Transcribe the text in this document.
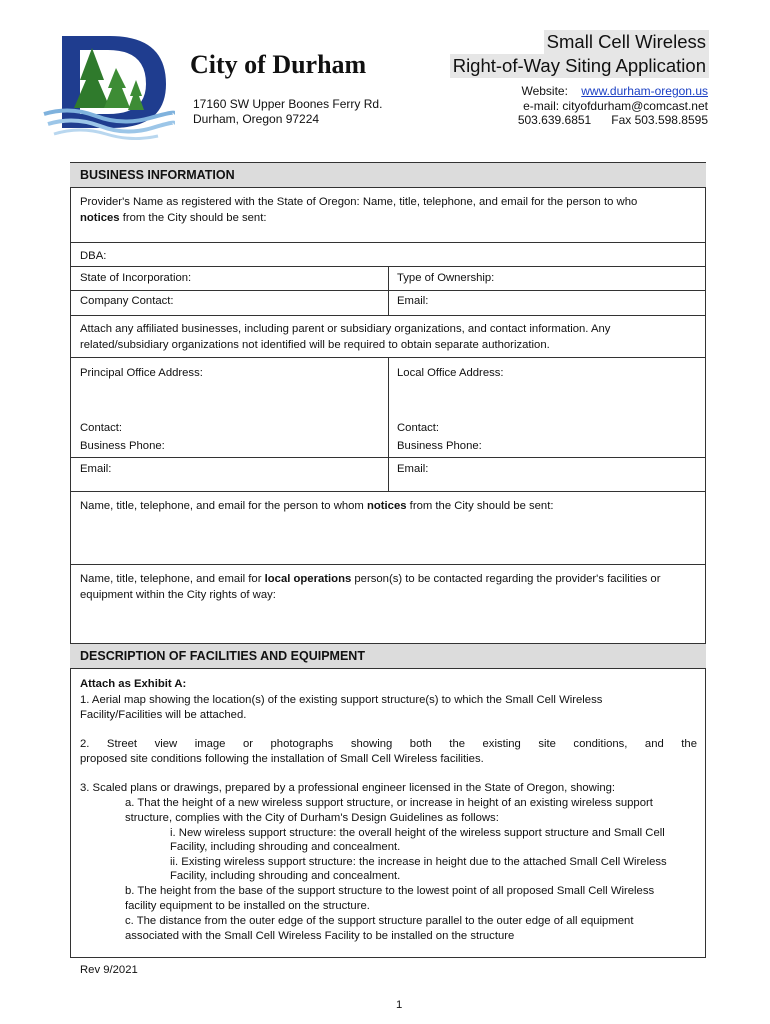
City of Durham
17160 SW Upper Boones Ferry Rd.
Durham, Oregon 97224
Small Cell Wireless
Right-of-Way Siting Application
Website: www.durham-oregon.us
e-mail: cityofdurham@comcast.net
503.639.6851 Fax 503.598.8595
BUSINESS INFORMATION
Provider's Name as registered with the State of Oregon: Name, title, telephone, and email for the person to who
notices from the City should be sent:
DBA:
State of Incorporation:	Type of Ownership:
Company Contact:	Email:
Attach any affiliated businesses, including parent or subsidiary organizations, and contact information. Any
related/subsidiary organizations not identified will be required to obtain separate authorization.
Principal Office Address:	Local Office Address:
Contact:	Contact:
Business Phone:	Business Phone:
Email:	Email:
Name, title, telephone, and email for the person to whom notices from the City should be sent:
Name, title, telephone, and email for local operations person(s) to be contacted regarding the provider's facilities or
equipment within the City rights of way:
DESCRIPTION OF FACILITIES AND EQUIPMENT
Attach as Exhibit A:
1. Aerial map showing the location(s) of the existing support structure(s) to which the Small Cell Wireless
Facility/Facilities will be attached.
2. Street view image or photographs showing both the existing site conditions, and the
proposed site conditions following the installation of Small Cell Wireless facilities.
3. Scaled plans or drawings, prepared by a professional engineer licensed in the State of Oregon, showing:
a. That the height of a new wireless support structure, or increase in height of an existing wireless support
structure, complies with the City of Durham's Design Guidelines as follows:
i. New wireless support structure: the overall height of the wireless support structure and Small Cell
Facility, including shrouding and concealment.
ii. Existing wireless support structure: the increase in height due to the attached Small Cell Wireless
Facility, including shrouding and concealment.
b. The height from the base of the support structure to the lowest point of all proposed Small Cell Wireless
facility equipment to be installed on the structure.
c. The distance from the outer edge of the support structure parallel to the outer edge of all equipment
associated with the Small Cell Wireless Facility to be installed on the structure
Rev 9/2021
1
